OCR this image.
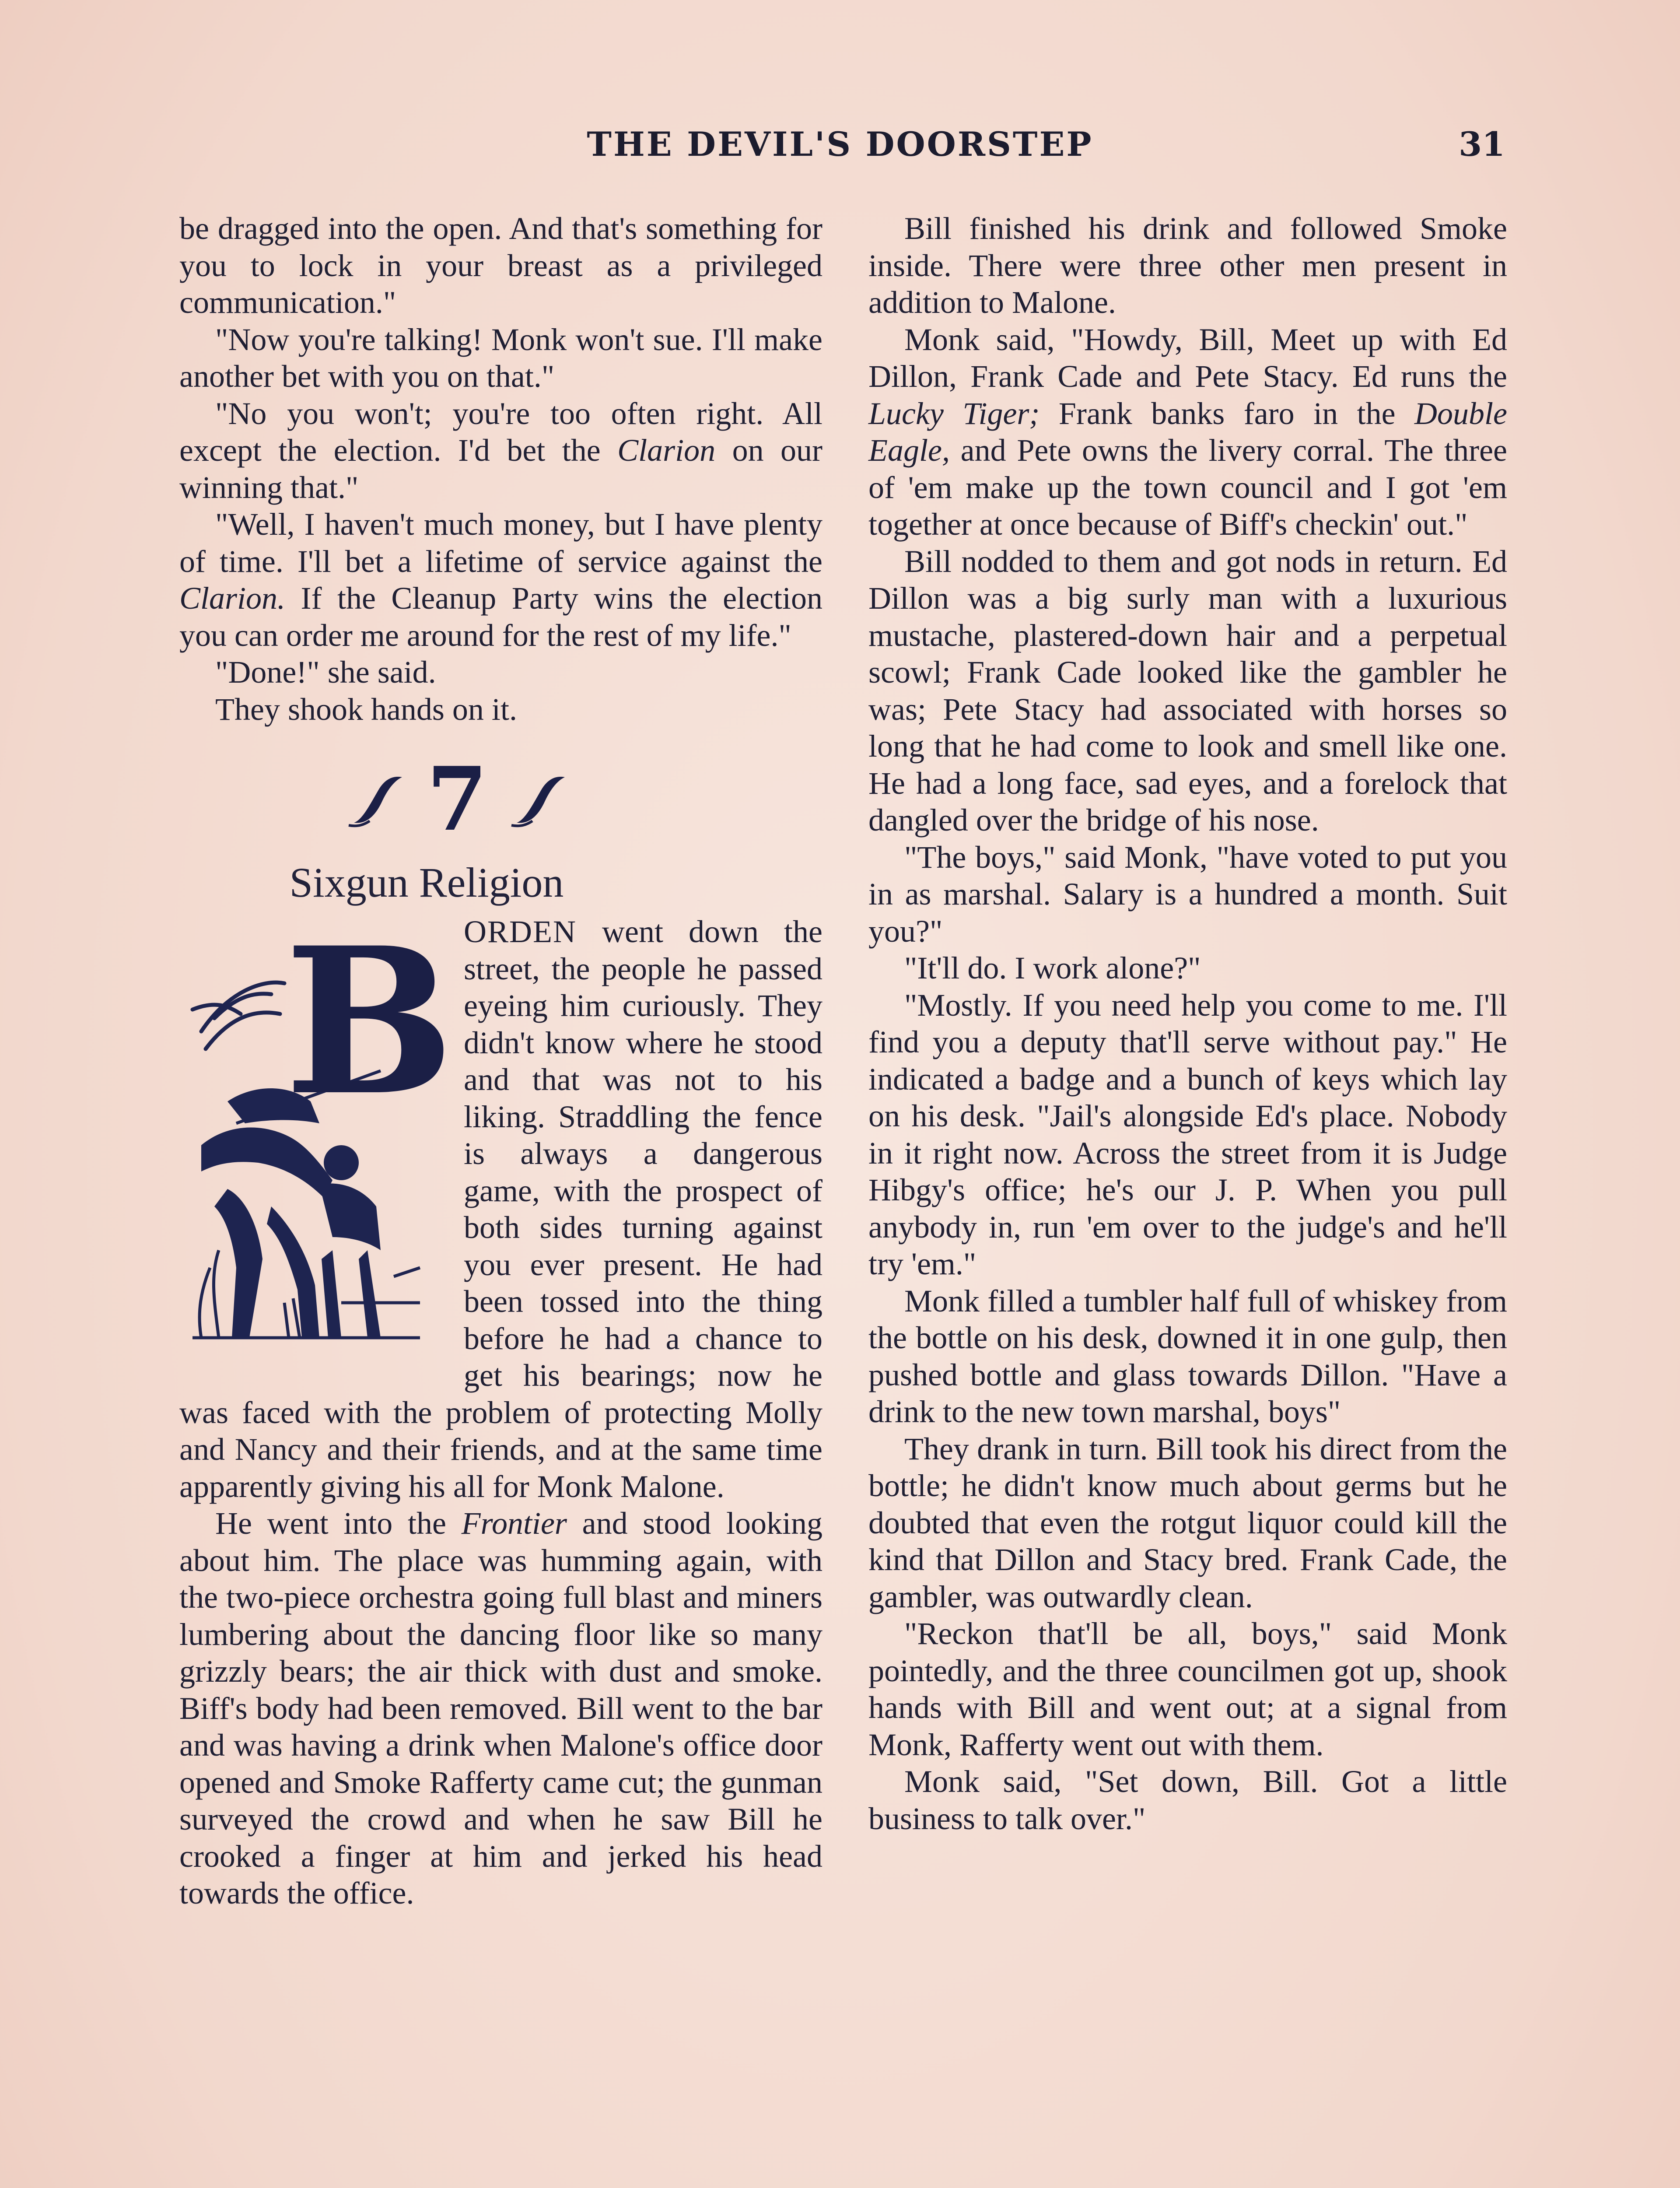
THE DEVIL'S DOORSTEP	31

be dragged into the open. And that's something for you to lock in your breast as a privileged communication."

"Now you're talking! Monk won't sue. I'll make another bet with you on that."

"No you won't; you're too often right. All except the election. I'd bet the Clarion on our winning that."

"Well, I haven't much money, but I have plenty of time. I'll bet a lifetime of service against the Clarion. If the Cleanup Party wins the election you can order me around for the rest of my life."

"Done!" she said.

They shook hands on it.

7
Sixgun Religion

B ORDEN went down the street, the people he passed eyeing him curiously. They didn't know where he stood and that was not to his liking. Straddling the fence is always a dangerous game, with the prospect of both sides turning against you ever present. He had been tossed into the thing before he had a chance to get his bearings; now he was faced with the problem of protecting Molly and Nancy and their friends, and at the same time apparently giving his all for Monk Malone.

He went into the Frontier and stood looking about him. The place was humming again, with the two-piece orchestra going full blast and miners lumbering about the dancing floor like so many grizzly bears; the air thick with dust and smoke. Biff's body had been removed. Bill went to the bar and was having a drink when Malone's office door opened and Smoke Rafferty came cut; the gunman surveyed the crowd and when he saw Bill he crooked a finger at him and jerked his head towards the office.

Bill finished his drink and followed Smoke inside. There were three other men present in addition to Malone.

Monk said, "Howdy, Bill, Meet up with Ed Dillon, Frank Cade and Pete Stacy. Ed runs the Lucky Tiger; Frank banks faro in the Double Eagle, and Pete owns the livery corral. The three of 'em make up the town council and I got 'em together at once because of Biff's checkin' out."

Bill nodded to them and got nods in return. Ed Dillon was a big surly man with a luxurious mustache, plastered-down hair and a perpetual scowl; Frank Cade looked like the gambler he was; Pete Stacy had associated with horses so long that he had come to look and smell like one. He had a long face, sad eyes, and a forelock that dangled over the bridge of his nose.

"The boys," said Monk, "have voted to put you in as marshal. Salary is a hundred a month. Suit you?"

"It'll do. I work alone?"

"Mostly. If you need help you come to me. I'll find you a deputy that'll serve without pay." He indicated a badge and a bunch of keys which lay on his desk. "Jail's alongside Ed's place. Nobody in it right now. Across the street from it is Judge Hibgy's office; he's our J. P. When you pull anybody in, run 'em over to the judge's and he'll try 'em."

Monk filled a tumbler half full of whiskey from the bottle on his desk, downed it in one gulp, then pushed bottle and glass towards Dillon. "Have a drink to the new town marshal, boys"

They drank in turn. Bill took his direct from the bottle; he didn't know much about germs but he doubted that even the rotgut liquor could kill the kind that Dillon and Stacy bred. Frank Cade, the gambler, was outwardly clean.

"Reckon that'll be all, boys," said Monk pointedly, and the three councilmen got up, shook hands with Bill and went out; at a signal from Monk, Rafferty went out with them.

Monk said, "Set down, Bill. Got a little business to talk over."
